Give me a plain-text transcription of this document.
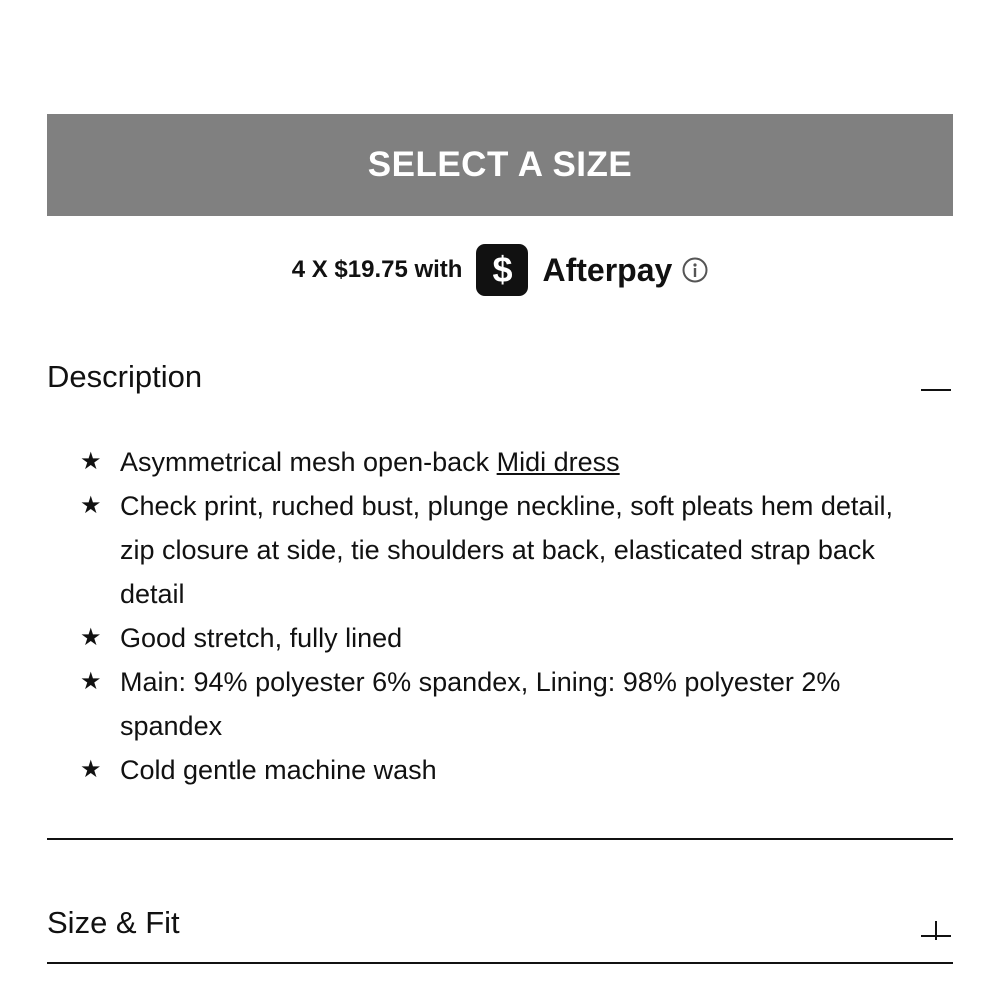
SELECT A SIZE
4 X $19.75 with $ Afterpay
Description
★ Asymmetrical mesh open-back Midi dress
★ Check print, ruched bust, plunge neckline, soft pleats hem detail, zip closure at side, tie shoulders at back, elasticated strap back detail
★ Good stretch, fully lined
★ Main: 94% polyester 6% spandex, Lining: 98% polyester 2% spandex
★ Cold gentle machine wash
Size & Fit
